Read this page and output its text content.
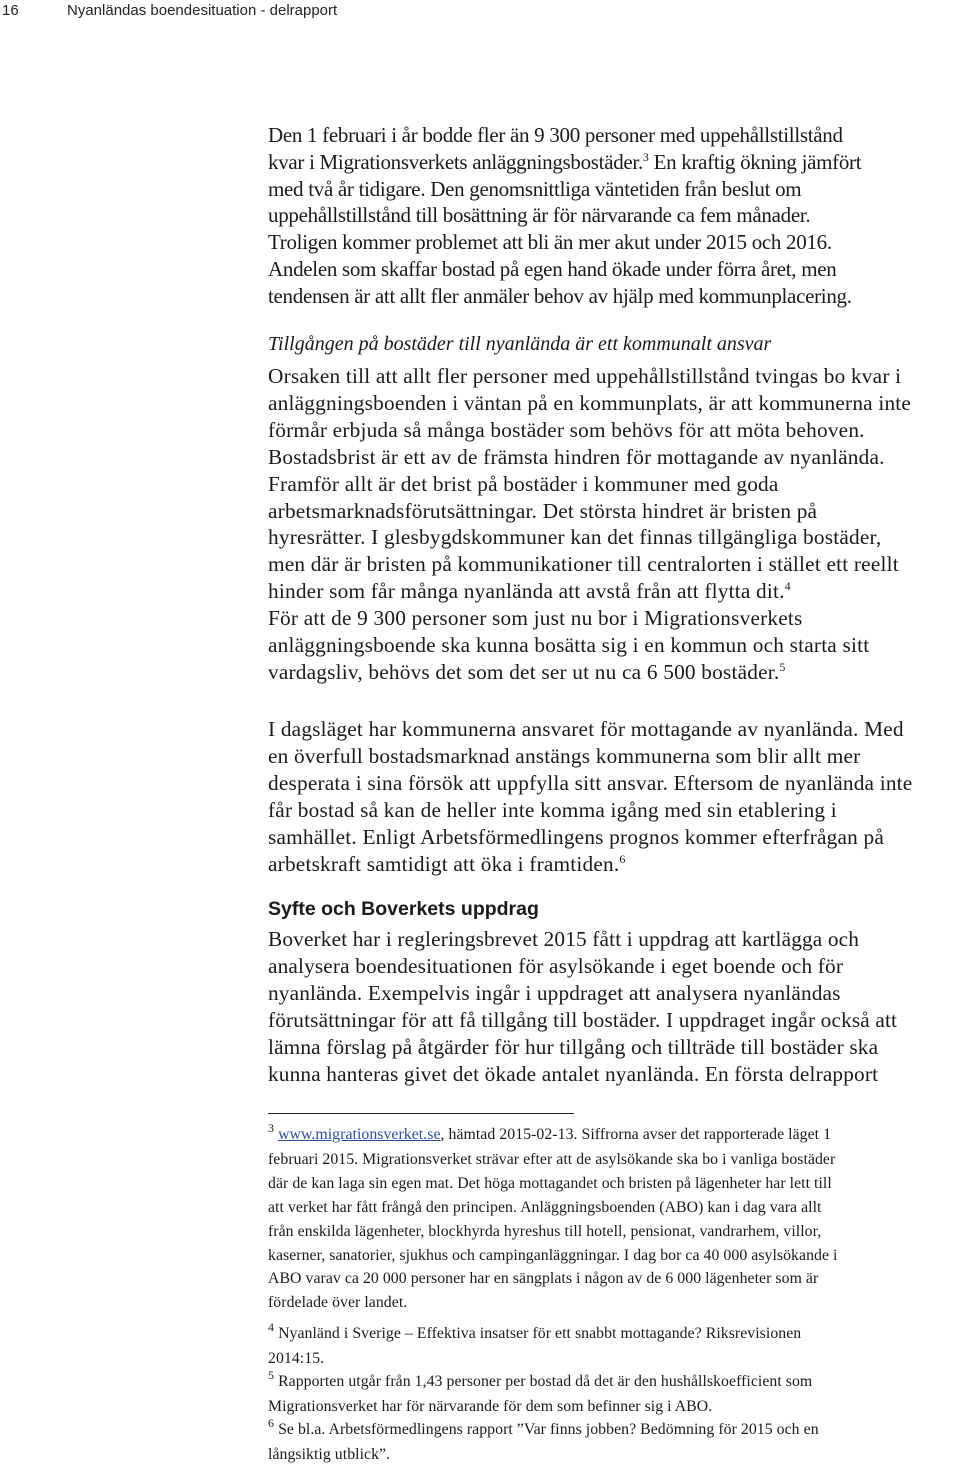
16	Nyanländas boendesituation - delrapport
Den 1 februari i år bodde fler än 9 300 personer med uppehållstillstånd
kvar i Migrationsverkets anläggningsbostäder.$^3$ En kraftig ökning jämfört
med två år tidigare. Den genomsnittliga väntetiden från beslut om
uppehållstillstånd till bosättning är för närvarande ca fem månader.
Troligen kommer problemet att bli än mer akut under 2015 och 2016.
Andelen som skaffar bostad på egen hand ökade under förra året, men
tendensen är att allt fler anmäler behov av hjälp med kommunplacering.
Tillgången på bostäder till nyanlända är ett kommunalt ansvar
Orsaken till att allt fler personer med uppehållstillstånd tvingas bo kvar i
anläggningsboenden i väntan på en kommunplats, är att kommunerna inte
förmår erbjuda så många bostäder som behövs för att möta behoven.
Bostadsbrist är ett av de främsta hindren för mottagande av nyanlända.
Framför allt är det brist på bostäder i kommuner med goda
arbetsmarknadsförutsättningar. Det största hindret är bristen på
hyresrätter. I glesbygdskommuner kan det finnas tillgängliga bostäder,
men där är bristen på kommunikationer till centralorten i stället ett reellt
hinder som får många nyanlända att avstå från att flytta dit.$^4$
För att de 9 300 personer som just nu bor i Migrationsverkets
anläggningsboende ska kunna bosätta sig i en kommun och starta sitt
vardagsliv, behövs det som det ser ut nu ca 6 500 bostäder.$^5$
I dagsläget har kommunerna ansvaret för mottagande av nyanlända. Med
en överfull bostadsmarknad anstängs kommunerna som blir allt mer
desperata i sina försök att uppfylla sitt ansvar. Eftersom de nyanlända inte
får bostad så kan de heller inte komma igång med sin etablering i
samhället. Enligt Arbetsförmedlingens prognos kommer efterfrågan på
arbetskraft samtidigt att öka i framtiden.$^6$
Syfte och Boverkets uppdrag
Boverket har i regleringsbrevet 2015 fått i uppdrag att kartlägga och
analysera boendesituationen för asylsökande i eget boende och för
nyanlända. Exempelvis ingår i uppdraget att analysera nyanländas
förutsättningar för att få tillgång till bostäder. I uppdraget ingår också att
lämna förslag på åtgärder för hur tillgång och tillträde till bostäder ska
kunna hanteras givet det ökade antalet nyanlända. En första delrapport
$^3$ www.migrationsverket.se, hämtad 2015-02-13. Siffrorna avser det rapporterade läget 1
februari 2015. Migrationsverket strävar efter att de asylsökande ska bo i vanliga bostäder
där de kan laga sin egen mat. Det höga mottagandet och bristen på lägenheter har lett till
att verket har fått frångå den principen. Anläggningsboenden (ABO) kan i dag vara allt
från enskilda lägenheter, blockhyrda hyreshus till hotell, pensionat, vandrarhem, villor,
kaserner, sanatorier, sjukhus och campinganläggningar. I dag bor ca 40 000 asylsökande i
ABO varav ca 20 000 personer har en sängplats i någon av de 6 000 lägenheter som är
fördelade över landet.
$^4$ Nyanländ i Sverige – Effektiva insatser för ett snabbt mottagande? Riksrevisionen
2014:15.
$^5$ Rapporten utgår från 1,43 personer per bostad då det är den hushållskoefficient som
Migrationsverket har för närvarande för dem som befinner sig i ABO.
$^6$ Se bl.a. Arbetsförmedlingens rapport ”Var finns jobben? Bedömning för 2015 och en
långsiktig utblick”.
